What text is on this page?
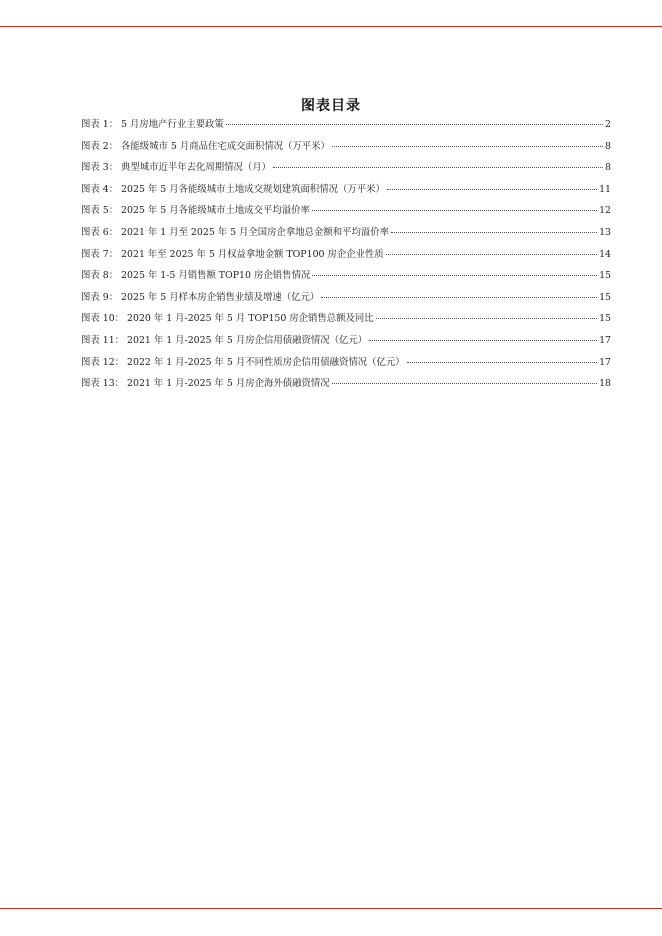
图表目录
图表 1： 5 月房地产行业主要政策	2
图表 2： 各能级城市 5 月商品住宅成交面积情况（万平米）	8
图表 3： 典型城市近半年去化周期情况（月）	8
图表 4： 2025 年 5 月各能级城市土地成交规划建筑面积情况（万平米）	11
图表 5： 2025 年 5 月各能级城市土地成交平均溢价率	12
图表 6： 2021 年 1 月至 2025 年 5 月全国房企拿地总金额和平均溢价率	13
图表 7： 2021 年至 2025 年 5 月权益拿地金额 TOP100 房企企业性质	14
图表 8： 2025 年 1-5 月销售额 TOP10 房企销售情况	15
图表 9： 2025 年 5 月样本房企销售业绩及增速（亿元）	15
图表 10： 2020 年 1 月-2025 年 5 月 TOP150 房企销售总额及同比	15
图表 11： 2021 年 1 月-2025 年 5 月房企信用债融资情况（亿元）	17
图表 12： 2022 年 1 月-2025 年 5 月不同性质房企信用债融资情况（亿元）	17
图表 13： 2021 年 1 月-2025 年 5 月房企海外债融资情况	18
